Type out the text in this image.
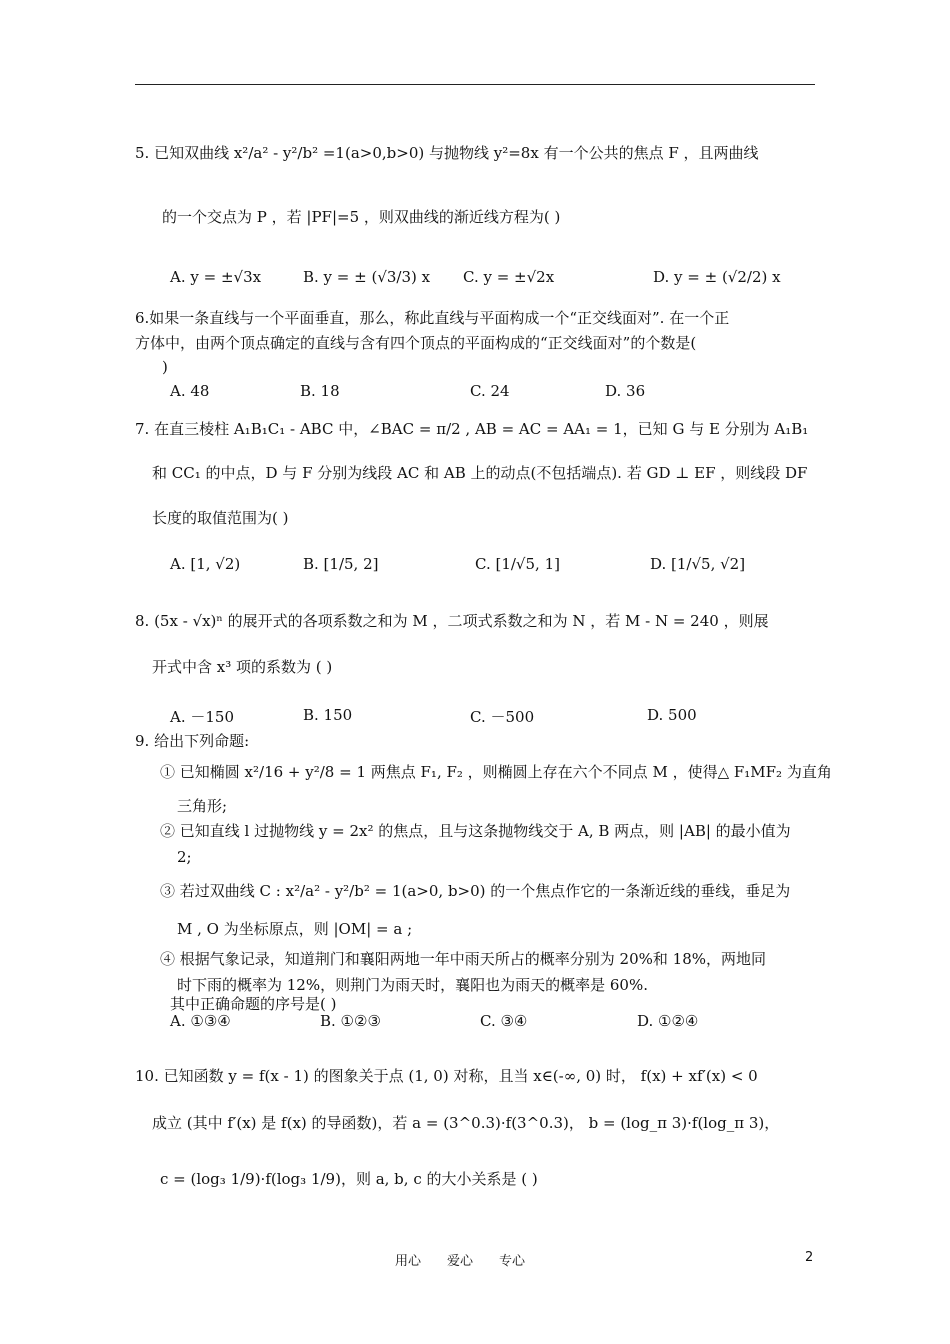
5. 已知双曲线 x²/a² - y²/b² =1(a>0,b>0) 与抛物线 y²=8x 有一个公共的焦点 F ，且两曲线
的一个交点为 P ，若 |PF|=5 ，则双曲线的渐近线方程为( )
A. y = ±√3x	B. y = ± (√3/3) x C. y = ±√2x	D. y = ± (√2/2) x
6.如果一条直线与一个平面垂直，那么，称此直线与平面构成一个“正交线面对”. 在一个正
方体中，由两个顶点确定的直线与含有四个顶点的平面构成的“正交线面对”的个数是(
)
A. 48	B. 18	C. 24	D. 36
7. 在直三棱柱 A₁B₁C₁ - ABC 中，∠BAC = π/2 , AB = AC = AA₁ = 1，已知 G 与 E 分别为 A₁B₁
和 CC₁ 的中点，D 与 F 分别为线段 AC 和 AB 上的动点(不包括端点). 若 GD ⊥ EF ，则线段 DF
长度的取值范围为( )
A. [1, √2)	B. [1/5, 2]	C. [1/√5, 1]	D. [1/√5, √2]
8. (5x - √x)ⁿ 的展开式的各项系数之和为 M ，二项式系数之和为 N ，若 M - N = 240 ，则展
开式中含 x³ 项的系数为 ( )
A. －150	B. 150	C. －500	D. 500
9. 给出下列命题:
① 已知椭圆 x²/16 + y²/8 = 1 两焦点 F₁, F₂ ，则椭圆上存在六个不同点 M ，使得△ F₁MF₂ 为直角
三角形;
② 已知直线 l 过抛物线 y = 2x² 的焦点，且与这条抛物线交于 A, B 两点，则 |AB| 的最小值为
2;
③ 若过双曲线 C : x²/a² - y²/b² = 1(a>0, b>0) 的一个焦点作它的一条渐近线的垂线，垂足为
M , O 为坐标原点，则 |OM| = a ;
④ 根据气象记录，知道荆门和襄阳两地一年中雨天所占的概率分别为 20%和 18%，两地同
时下雨的概率为 12%，则荆门为雨天时，襄阳也为雨天的概率是 60%.
其中正确命题的序号是( )
A. ①③④	B. ①②③	C. ③④	D. ①②④
10. 已知函数 y = f(x - 1) 的图象关于点 (1, 0) 对称，且当 x∈(-∞, 0) 时， f(x) + xf′(x) < 0
成立 (其中 f′(x) 是 f(x) 的导函数)，若 a = (3^0.3)·f(3^0.3)， b = (log_π 3)·f(log_π 3)，
c = (log₃ 1/9)·f(log₃ 1/9)，则 a, b, c 的大小关系是 ( )
用心　　爱心　　专心	2
